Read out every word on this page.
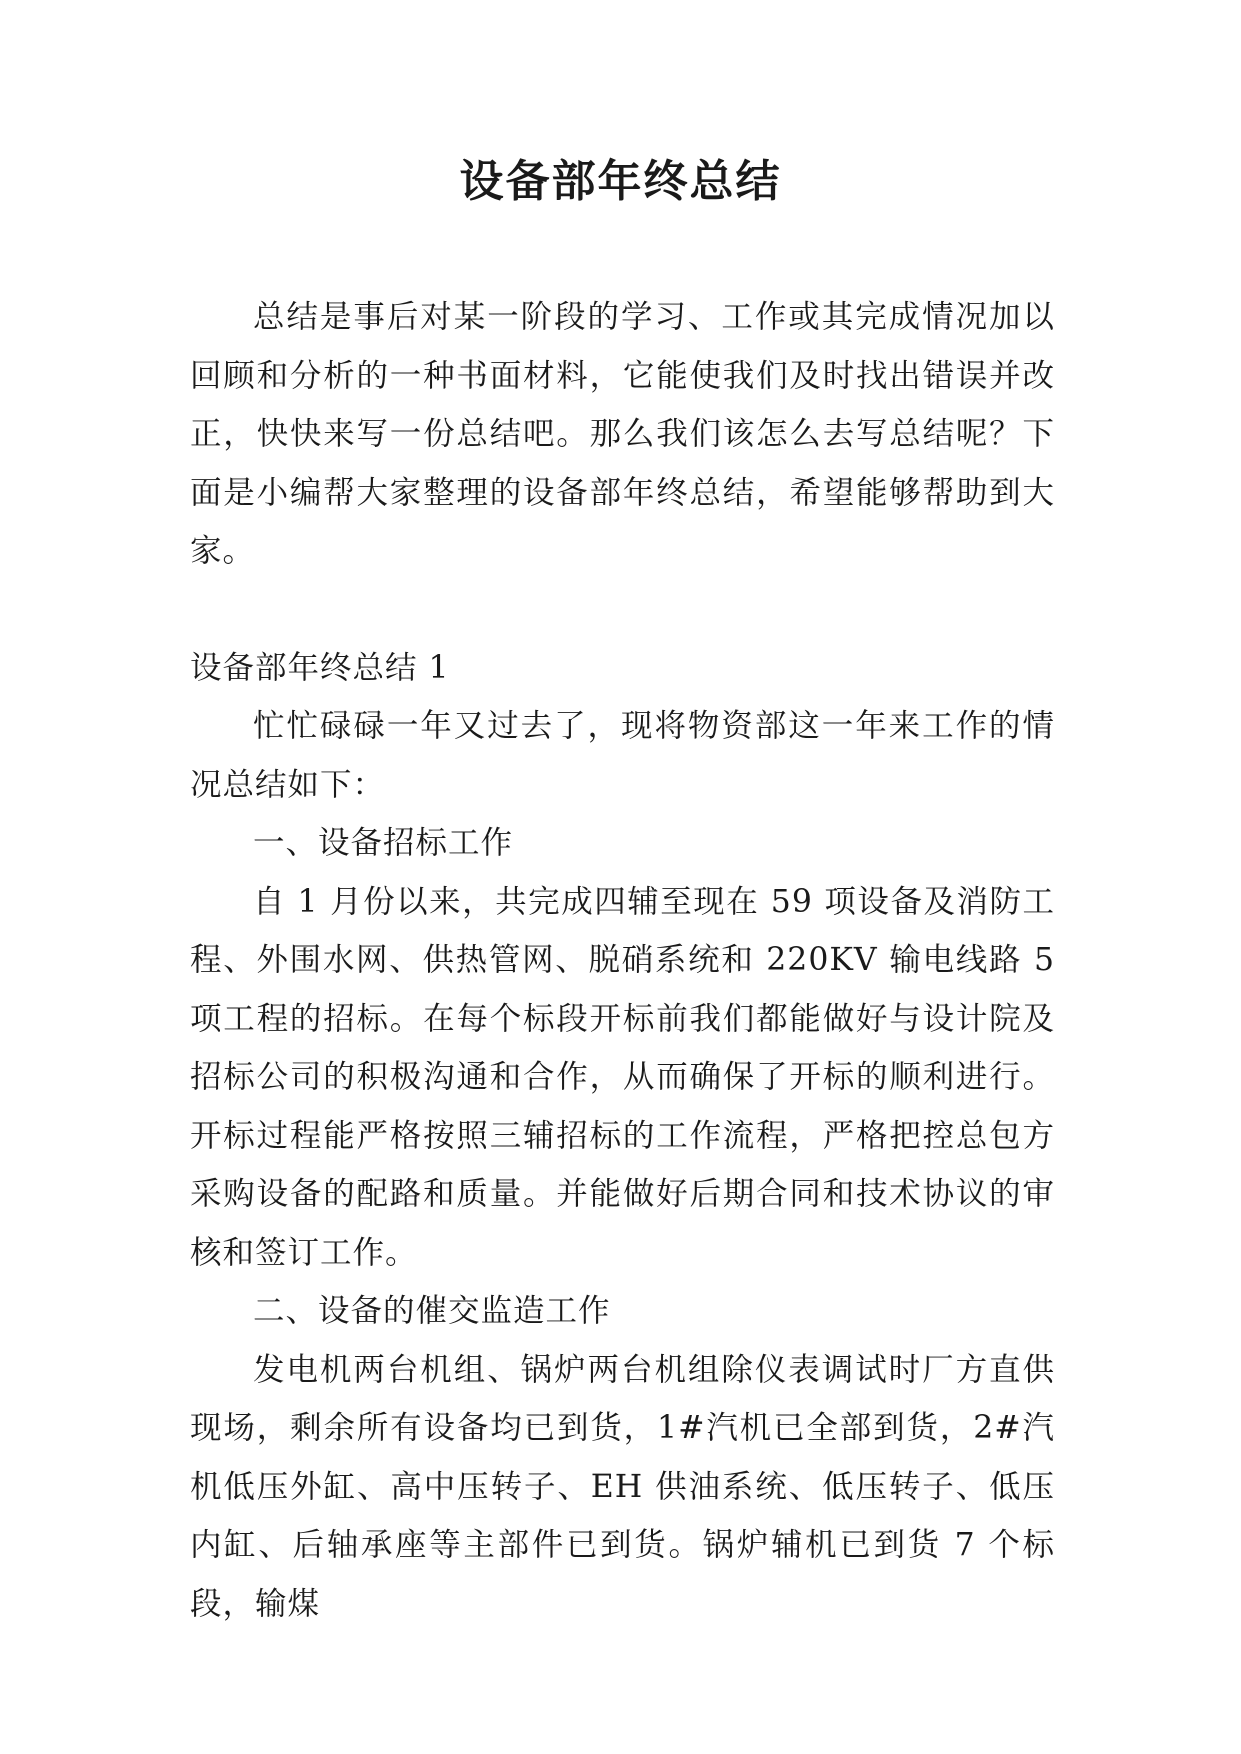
设备部年终总结

总结是事后对某一阶段的学习、工作或其完成情况加以回顾和分析的一种书面材料，它能使我们及时找出错误并改正，快快来写一份总结吧。那么我们该怎么去写总结呢？下面是小编帮大家整理的设备部年终总结，希望能够帮助到大家。

设备部年终总结 1

忙忙碌碌一年又过去了，现将物资部这一年来工作的情况总结如下：

一、设备招标工作

自 1 月份以来，共完成四辅至现在 59 项设备及消防工程、外围水网、供热管网、脱硝系统和 220KV 输电线路 5 项工程的招标。在每个标段开标前我们都能做好与设计院及招标公司的积极沟通和合作，从而确保了开标的顺利进行。开标过程能严格按照三辅招标的工作流程，严格把控总包方采购设备的配路和质量。并能做好后期合同和技术协议的审核和签订工作。

二、设备的催交监造工作

发电机两台机组、锅炉两台机组除仪表调试时厂方直供现场，剩余所有设备均已到货，1#汽机已全部到货，2#汽机低压外缸、高中压转子、EH 供油系统、低压转子、低压内缸、后轴承座等主部件已到货。锅炉辅机已到货 7 个标段，输煤
